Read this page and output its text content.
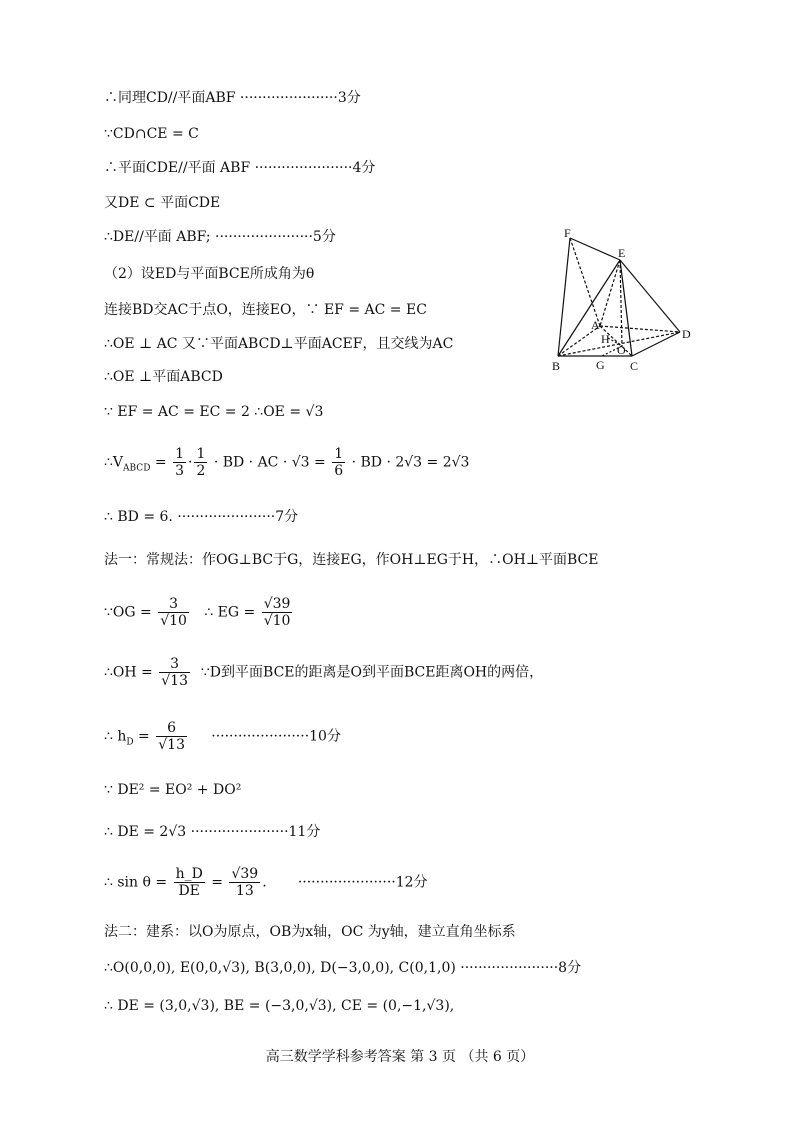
∴同理CD//平面ABF ······················3分
∵CD∩CE = C
∴平面CDE//平面 ABF ······················4分
又DE ⊂ 平面CDE
∴DE//平面 ABF; ······················5分
（2）设ED与平面BCE所成角为θ
连接BD交AC于点O，连接EO，∵ EF = AC = EC
∴OE ⊥ AC 又∵平面ABCD⊥平面ACEF，且交线为AC
∴OE ⊥平面ABCD
∵ EF = AC = EC = 2 ∴OE = √3
$\therefore V_{ABCD} = \frac{1}{3} \cdot \frac{1}{2}$ · BD · AC · $√3 = \frac{1}{6}$ · BD · 2√3 = 2√3
∴ BD = 6. ······················7分
法一：常规法：作OG⊥BC于G，连接EG，作OH⊥EG于H，∴OH⊥平面BCE
∵OG = $\frac{3}{√10}$ ∴ EG = $\frac{√39}{√10}$
∴OH = $\frac{3}{√13}$ ∵D到平面BCE的距离是O到平面BCE距离OH的两倍，
∴ $h_D = \frac{6}{√13} \cdot\cdot\cdot\cdot\cdot\cdot\cdot\cdot\cdot\cdot\cdot\cdot\cdot\cdot\cdot\cdot\cdot\cdot\cdot\cdot\cdot\cdot 10$分
∵ DE² = EO² + DO²
∴ DE = 2√3 ······················11分
∴ $\sin \theta = \frac{h\_D}{DE} = \frac{√39}{13}$ .       ······················12分
法二：建系：以O为原点，OB为x轴，OC 为y轴，建立直角坐标系
∴O(0,0,0), E(0,0,√3), B(3,0,0), D(−3,0,0), C(0,1,0) ······················8分
∴ DE = (3,0,√3), BE = (−3,0,√3), CE = (0,−1,√3),
F
E
A
H	D
B	G
O
C
高三数学学科参考答案 第 3 页 （共 6 页）
